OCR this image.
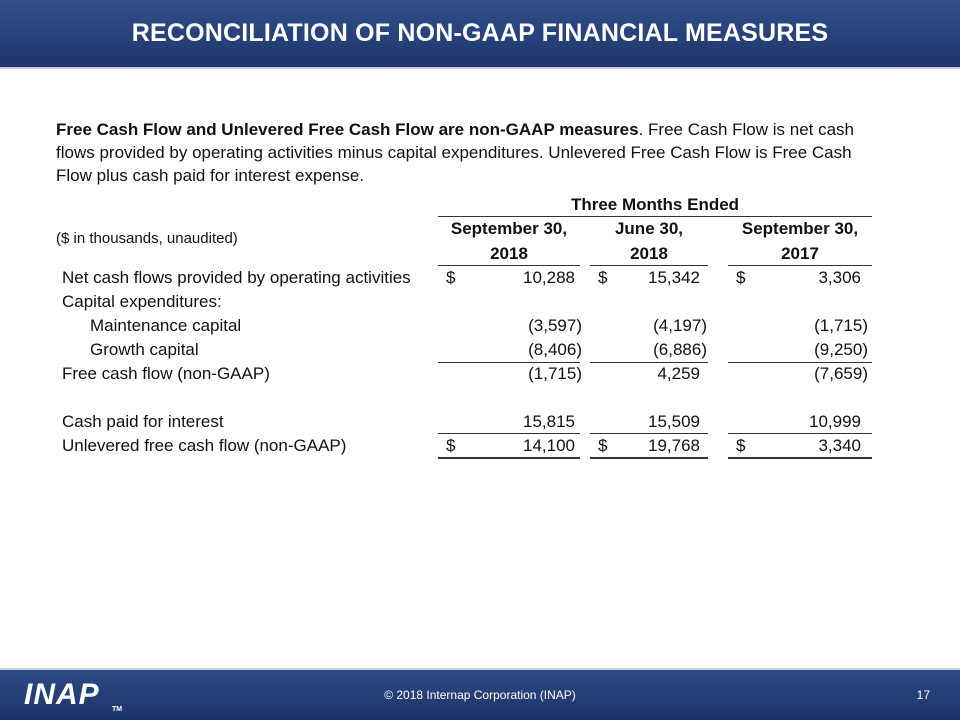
RECONCILIATION OF NON-GAAP FINANCIAL MEASURES
Free Cash Flow and Unlevered Free Cash Flow are non-GAAP measures. Free Cash Flow is net cash flows provided by operating activities minus capital expenditures. Unlevered Free Cash Flow is Free Cash Flow plus cash paid for interest expense.
Three Months Ended
($ in thousands, unaudited)
September 30,
2018
June 30,
2018
September 30,
2017
Net cash flows provided by operating activities $	10,288 $	15,342 $	3,306
Capital expenditures:
Maintenance capital	(3,597)	(4,197)	(1,715)
Growth capital	(8,406)	(6,886)	(9,250)
Free cash flow (non-GAAP)	(1,715)	4,259	(7,659)
Cash paid for interest	15,815	15,509	10,999
Unlevered free cash flow (non-GAAP)	$	14,100 $	19,768 $	3,340
INAP TM
© 2018 Internap Corporation (INAP)	17
